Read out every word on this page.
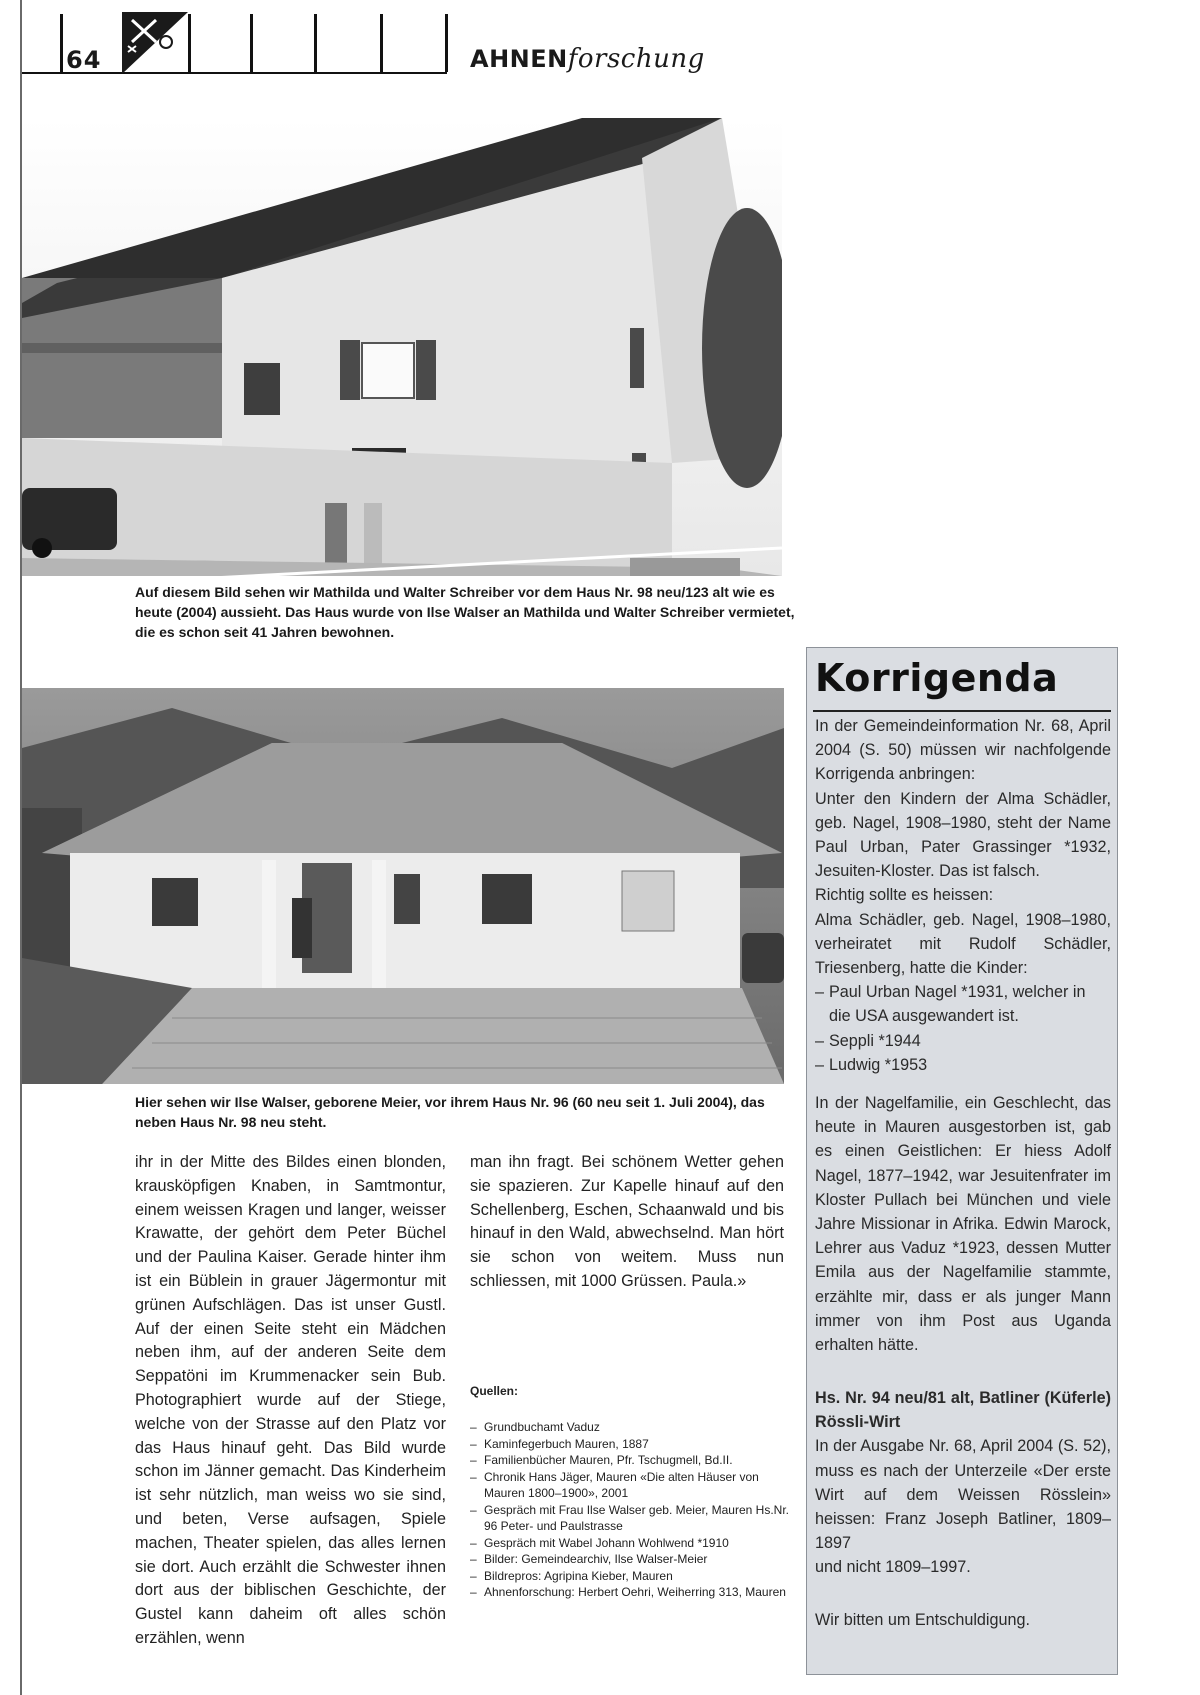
64	AHNENforschung
Auf diesem Bild sehen wir Mathilda und Walter Schreiber vor dem Haus Nr. 98 neu/123 alt wie es heute (2004) aussieht. Das Haus wurde von Ilse Walser an Mathilda und Walter Schreiber vermietet, die es schon seit 41 Jahren bewohnen.
Hier sehen wir Ilse Walser, geborene Meier, vor ihrem Haus Nr. 96 (60 neu seit 1. Juli 2004), das neben Haus Nr. 98 neu steht.
ihr in der Mitte des Bildes einen blonden, krausköpfigen Knaben, in Samtmontur, einem weissen Kragen und langer, weisser Krawatte, der gehört dem Peter Büchel und der Paulina Kaiser. Gerade hinter ihm ist ein Büblein in grauer Jägermontur mit grünen Aufschlägen. Das ist unser Gustl. Auf der einen Seite steht ein Mädchen neben ihm, auf der anderen Seite dem Seppatöni im Krummenacker sein Bub. Photographiert wurde auf der Stiege, welche von der Strasse auf den Platz vor das Haus hinauf geht. Das Bild wurde schon im Jänner gemacht. Das Kinderheim ist sehr nützlich, man weiss wo sie sind, und beten, Verse aufsagen, Spiele machen, Theater spielen, das alles lernen sie dort. Auch erzählt die Schwester ihnen dort aus der biblischen Geschichte, der Gustel kann daheim oft alles schön erzählen, wenn
man ihn fragt. Bei schönem Wetter gehen sie spazieren. Zur Kapelle hinauf auf den Schellenberg, Eschen, Schaanwald und bis hinauf in den Wald, abwechselnd. Man hört sie schon von weitem. Muss nun schliessen, mit 1000 Grüssen. Paula.»
Quellen:
– Grundbuchamt Vaduz
– Kaminfegerbuch Mauren, 1887
– Familienbücher Mauren, Pfr. Tschugmell, Bd.II.
– Chronik Hans Jäger, Mauren «Die alten Häuser von Mauren 1800–1900», 2001
– Gespräch mit Frau Ilse Walser geb. Meier, Mauren Hs.Nr. 96 Peter- und Paulstrasse
– Gespräch mit Wabel Johann Wohlwend *1910
– Bilder: Gemeindearchiv, Ilse Walser-Meier
– Bildrepros: Agripina Kieber, Mauren
– Ahnenforschung: Herbert Oehri, Weiherring 313, Mauren
Korrigenda

In der Gemeindeinformation Nr. 68, April 2004 (S. 50) müssen wir nachfolgende Korrigenda anbringen:

Unter den Kindern der Alma Schädler, geb. Nagel, 1908–1980, steht der Name Paul Urban, Pater Grassinger *1932, Jesuiten-Kloster. Das ist falsch.

Richtig sollte es heissen:

Alma Schädler, geb. Nagel, 1908–1980, verheiratet mit Rudolf Schädler, Triesenberg, hatte die Kinder:

– Paul Urban Nagel *1931, welcher in die USA ausgewandert ist.
– Seppli *1944
– Ludwig *1953
In der Nagelfamilie, ein Geschlecht, das heute in Mauren ausgestorben ist, gab es einen Geistlichen: Er hiess Adolf Nagel, 1877–1942, war Jesuitenfrater im Kloster Pullach bei München und viele Jahre Missionar in Afrika. Edwin Marock, Lehrer aus Vaduz *1923, dessen Mutter Emila aus der Nagelfamilie stammte, erzählte mir, dass er als junger Mann immer von ihm Post aus Uganda erhalten hätte.

Hs. Nr. 94 neu/81 alt, Batliner (Küferle) Rössli-Wirt

In der Ausgabe Nr. 68, April 2004 (S. 52), muss es nach der Unterzeile «Der erste Wirt auf dem Weissen Rösslein» heissen: Franz Joseph Batliner, 1809–1897

und nicht 1809–1997.

Wir bitten um Entschuldigung.
